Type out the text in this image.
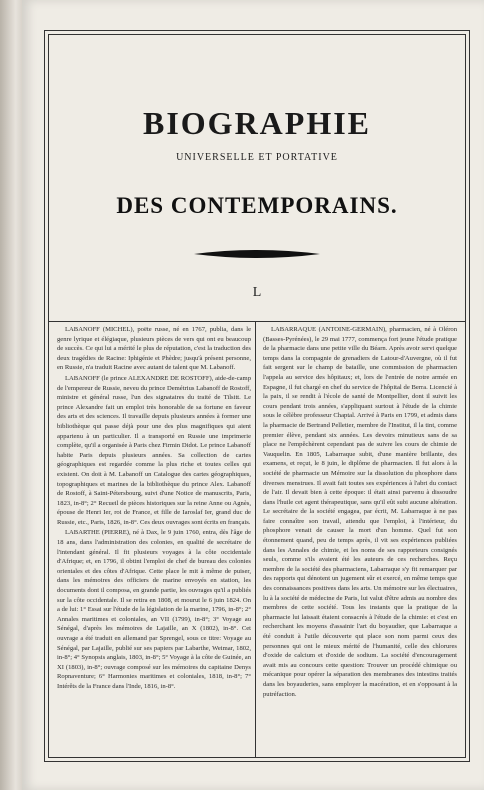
BIOGRAPHIE
UNIVERSELLE ET PORTATIVE
DES CONTEMPORAINS.
L

LABANOFF (MICHEL), poëte russe, né en 1767, publia, dans le genre lyrique et élégiaque, plusieurs pièces de vers qui ont eu beaucoup de succès. Ce qui lui a mérité le plus de réputation, c'est la traduction des deux tragédies de Racine: Iphigénie et Phèdre; jusqu'à présent personne, en Russie, n'a traduit Racine avec autant de talent que M. Labanoff.

LABANOFF (le prince ALEXANDRE DE ROSTOFF), aide-de-camp de l'empereur de Russie, neveu du prince Demétrius Labanoff de Rostoff, ministre et général russe, l'un des signataires du traité de Tilsitt. Le prince Alexandre fait un emploi très honorable de sa fortune en faveur des arts et des sciences. Il travaille depuis plusieurs années à former une bibliothèque qui passe déjà pour une des plus magnifiques qui aient appartenu à un particulier. Il a transporté en Russie une imprimerie complète, qu'il a organisée à Paris chez Firmin Didot. Le prince Labanoff habite Paris depuis plusieurs années. Sa collection de cartes géographiques est regardée comme la plus riche et toutes celles qui existent. On doit à M. Labanoff un Catalogue des cartes géographiques, topographiques et marines de la bibliothèque du prince Alex. Labanoff de Rostoff, à Saint-Pétersbourg, suivi d'une Notice de manuscrits, Paris, 1823, in-8°; 2° Recueil de pièces historiques sur la reine Anne ou Agnès, épouse de Henri Ier, roi de France, et fille de Iaroslaf Ier, grand duc de Russie, etc., Paris, 1826, in-8°. Ces deux ouvrages sont écrits en français.

LABARTHE (PIERRE), né à Dax, le 9 juin 1760, entra, dès l'âge de 18 ans, dans l'administration des colonies, en qualité de secrétaire de l'intendant général. Il fit plusieurs voyages à la côte occidentale d'Afrique; et, en 1796, il obtint l'emploi de chef de bureau des colonies orientales et des côtes d'Afrique. Cette place le mit à même de puiser, dans les mémoires des officiers de marine envoyés en station, les documents dont il composa, en grande partie, les ouvrages qu'il a publiés sur la côte occidentale. Il se retira en 1808, et mourut le 6 juin 1824. On a de lui: 1° Essai sur l'étude de la législation de la marine, 1796, in-8°; 2° Annales maritimes et coloniales, an VII (1799), in-8°; 3° Voyage au Sénégal, d'après les mémoires de Lajaille, an X (1802), in-8°. Cet ouvrage a été traduit en allemand par Sprengel, sous ce titre: Voyage au Sénégal, par Lajaille, publié sur ses papiers par Labarthe, Weimar, 1802, in-8°; 4° Synopsis anglais, 1803, in-8°; 5° Voyage à la côte de Guinée, an XI (1803), in-8°; ouvrage composé sur les mémoires du capitaine Denys Ropnaventure; 6° Harmonies maritimes et coloniales, 1818, in-8°; 7° Intérêts de la France dans l'Inde, 1816, in-8°.

LABARRAQUE (ANTOINE-GERMAIN), pharmacien, né à Oléron (Basses-Pyrénées), le 29 mai 1777, commença fort jeune l'étude pratique de la pharmacie dans une petite ville du Béarn. Après avoir servi quelque temps dans la compagnie de grenadiers de Latour-d'Auvergne, où il fut fait sergent sur le champ de bataille, une commission de pharmacien l'appela au service des hôpitaux; et, lors de l'entrée de notre armée en Espagne, il fut chargé en chef du service de l'hôpital de Berra. Licencié à la paix, il se rendit à l'école de santé de Montpellier, dont il suivit les cours pendant trois années, s'appliquant surtout à l'étude de la chimie sous le célèbre professeur Chaptal. Arrivé à Paris en 1799, et admis dans la pharmacie de Bertrand Pelletier, membre de l'Institut, il la tint, comme premier élève, pendant six années. Les devoirs minutieux sans de sa place ne l'empêchèrent cependant pas de suivre les cours de chimie de Vauquelin. En 1805, Labarraque subit, d'une manière brillante, des examens, et reçut, le 8 juin, le diplôme de pharmacien. Il fut alors à la société de pharmacie un Mémoire sur la dissolution du phosphore dans diverses menstrues. Il avait fait toutes ses expériences à l'abri du contact de l'air. Il devait bien à cette époque: il était ainsi parvenu à dissoudre dans l'huile cet agent thérapeutique, sans qu'il eût subi aucune altération. Le secrétaire de la société engagea, par écrit, M. Labarraque à ne pas faire connaître son travail, attendu que l'emploi, à l'intérieur, du phosphore venait de causer la mort d'un homme. Quel fut son étonnement quand, peu de temps après, il vit ses expériences publiées dans les Annales de chimie, et les noms de ses rapporteurs consignés seuls, comme s'ils avaient été les auteurs de ces recherches. Reçu membre de la société des pharmaciens, Labarraque s'y fit remarquer par des rapports qui dénotent un jugement sûr et exercé, en même temps que des connaissances positives dans les arts. Un mémoire sur les électuaires, lu à la société de médecine de Paris, lui valut d'être admis au nombre des membres de cette société. Tous les instants que la pratique de la pharmacie lui laissait étaient consacrés à l'étude de la chimie: et c'est en recherchant les moyens d'assainir l'art du boyaudier, que Labarraque a été conduit à l'utile découverte qui place son nom parmi ceux des personnes qui ont le mieux mérité de l'humanité, celle des chlorures d'oxide de calcium et d'oxide de sodium. La société d'encouragement avait mis au concours cette question: Trouver un procédé chimique ou mécanique pour opérer la séparation des membranes des intestins traités dans les boyauderies, sans employer la macération, et en s'opposant à la putréfaction.
